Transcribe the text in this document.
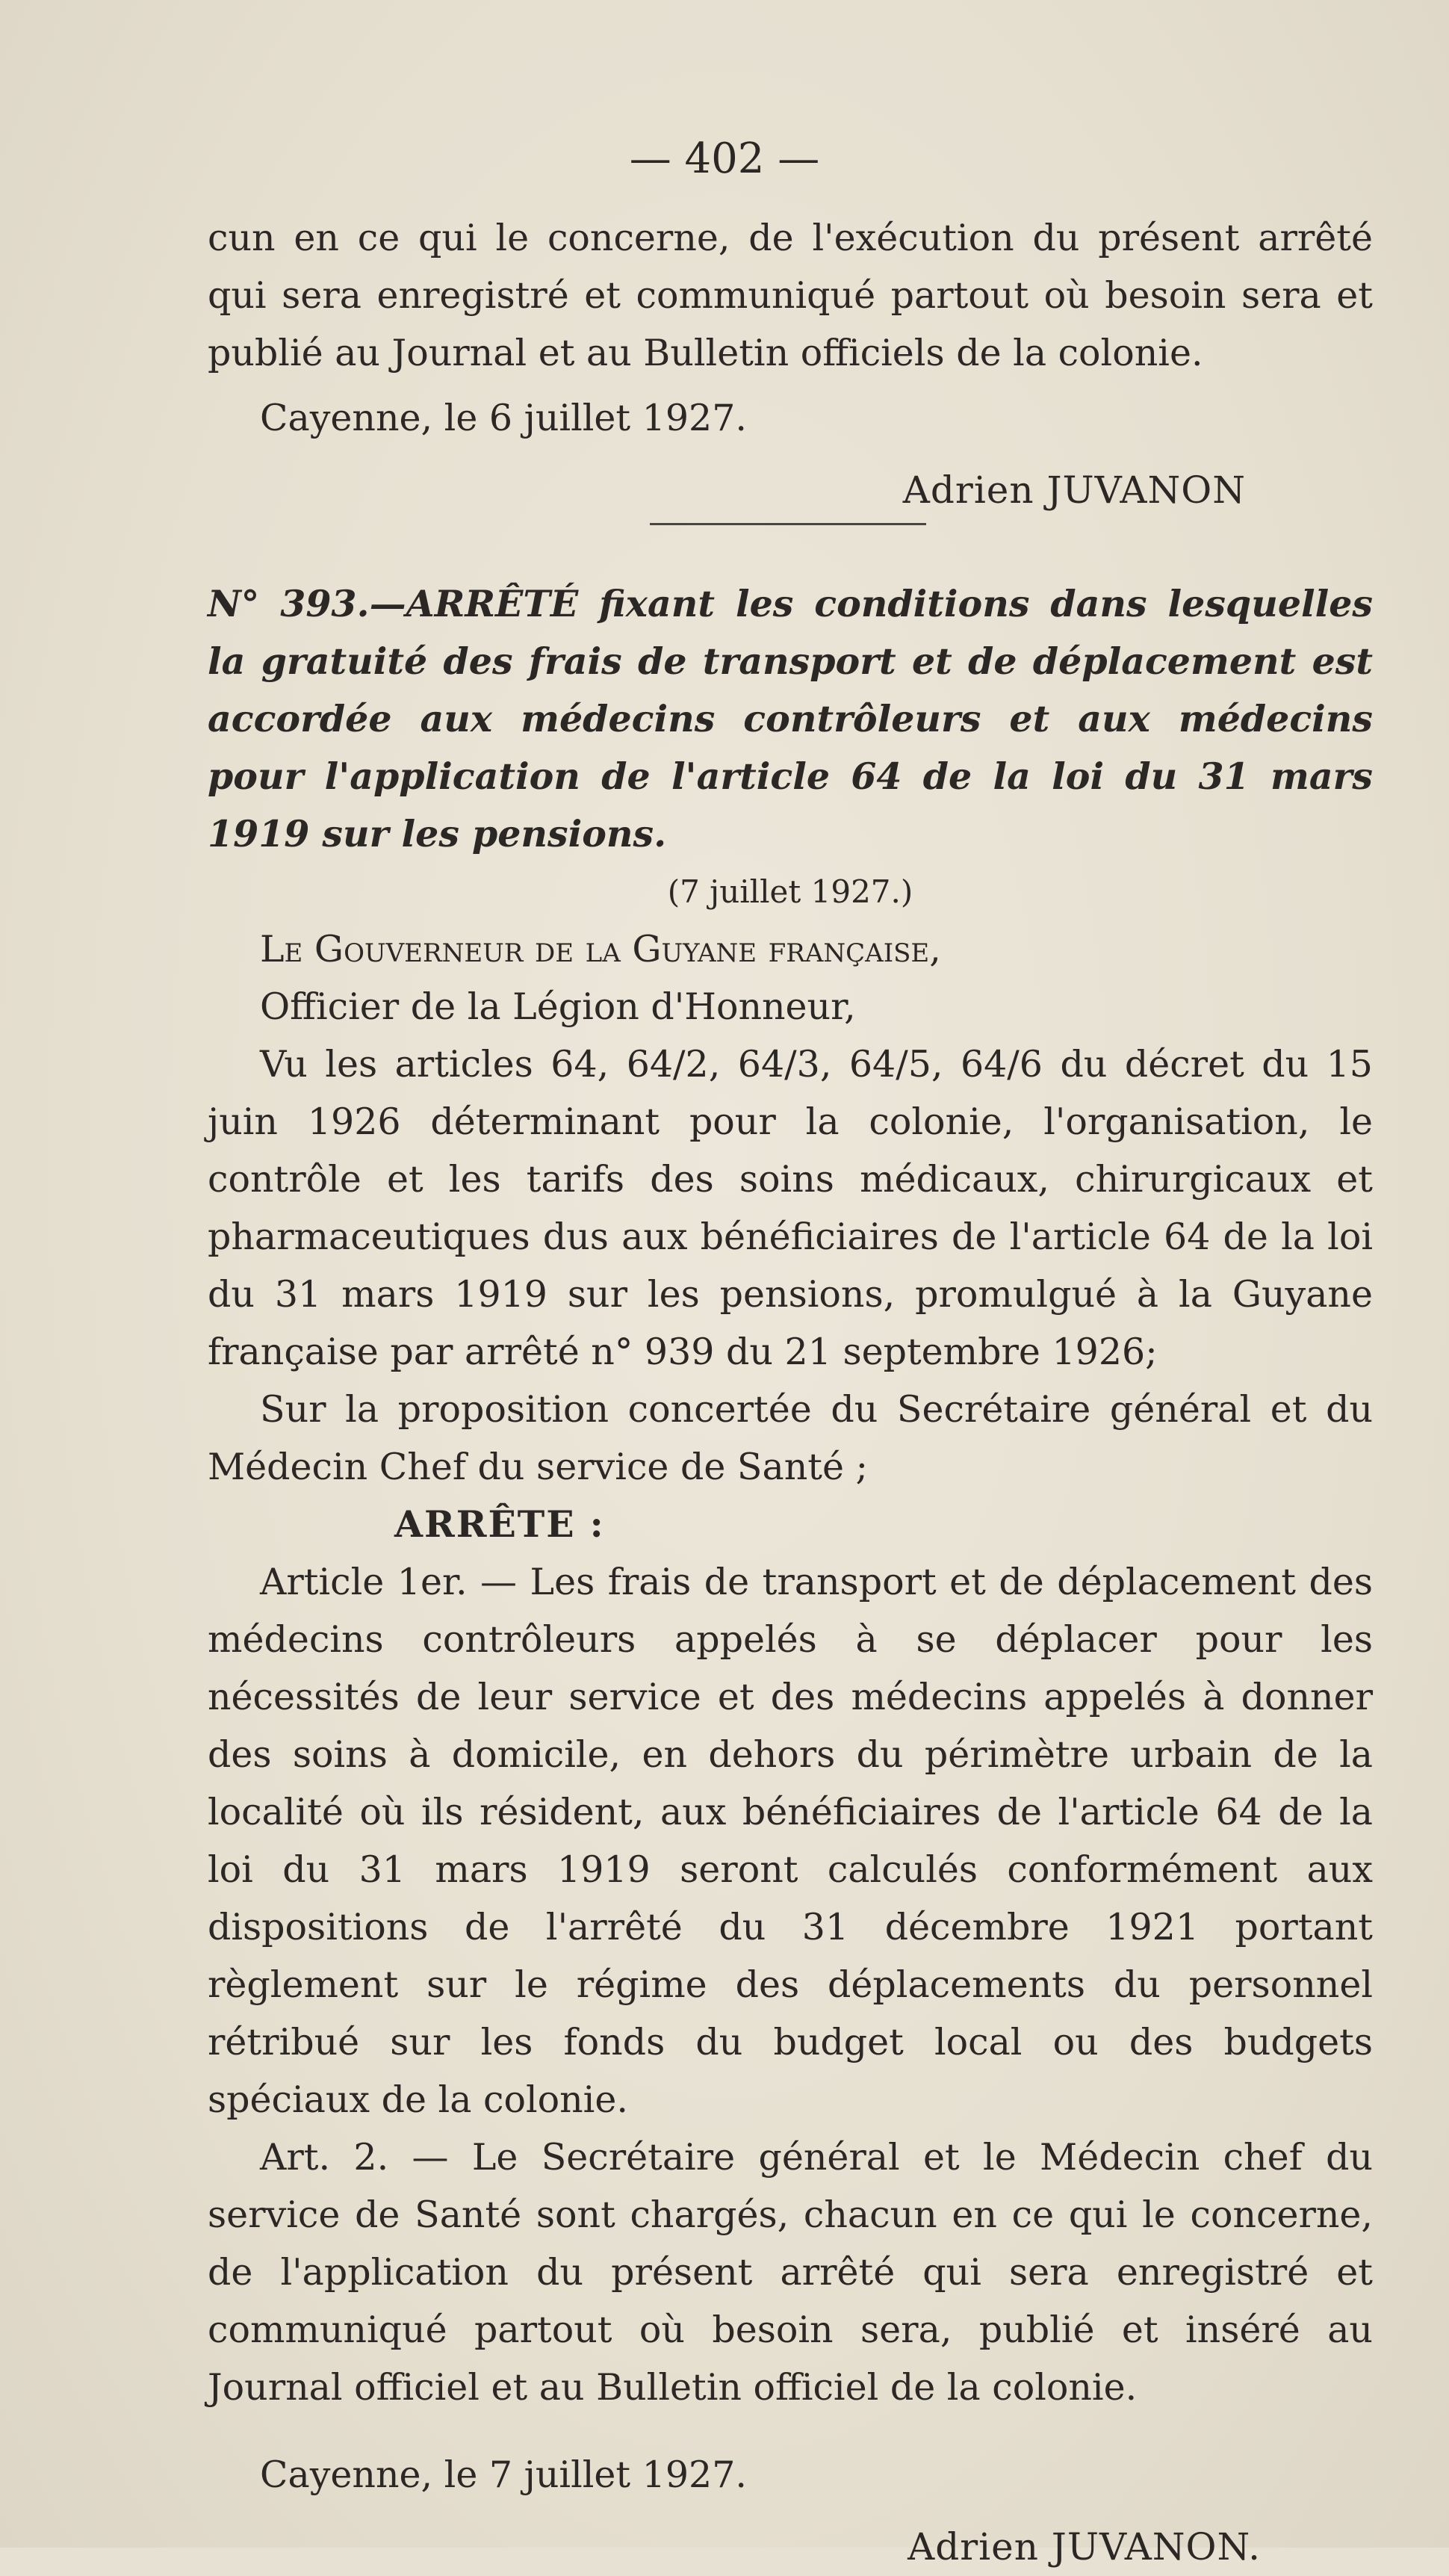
— 402 —

cun en ce qui le concerne, de l'exécution du présent arrêté qui sera enregistré et communiqué partout où besoin sera et publié au Journal et au Bulletin officiels de la colonie.

Cayenne, le 6 juillet 1927.

Adrien JUVANON

N° 393.—ARRÊTÉ fixant les conditions dans lesquelles la gratuité des frais de transport et de déplacement est accordée aux médecins contrôleurs et aux médecins pour l'application de l'article 64 de la loi du 31 mars 1919 sur les pensions.

(7 juillet 1927.)

Le Gouverneur de la Guyane française,

Officier de la Légion d'Honneur,

Vu les articles 64, 64/2, 64/3, 64/5, 64/6 du décret du 15 juin 1926 déterminant pour la colonie, l'organisation, le contrôle et les tarifs des soins médicaux, chirurgicaux et pharmaceutiques dus aux bénéficiaires de l'article 64 de la loi du 31 mars 1919 sur les pensions, promulgué à la Guyane française par arrêté n° 939 du 21 septembre 1926;

Sur la proposition concertée du Secrétaire général et du Médecin Chef du service de Santé ;

ARRÊTE :

Article 1er. — Les frais de transport et de déplacement des médecins contrôleurs appelés à se déplacer pour les nécessités de leur service et des médecins appelés à donner des soins à domicile, en dehors du périmètre urbain de la localité où ils résident, aux bénéficiaires de l'article 64 de la loi du 31 mars 1919 seront calculés conformément aux dispositions de l'arrêté du 31 décembre 1921 portant règlement sur le régime des déplacements du personnel rétribué sur les fonds du budget local ou des budgets spéciaux de la colonie.

Art. 2. — Le Secrétaire général et le Médecin chef du service de Santé sont chargés, chacun en ce qui le concerne, de l'application du présent arrêté qui sera enregistré et communiqué partout où besoin sera, publié et inséré au Journal officiel et au Bulletin officiel de la colonie.

Cayenne, le 7 juillet 1927.

Adrien JUVANON.
